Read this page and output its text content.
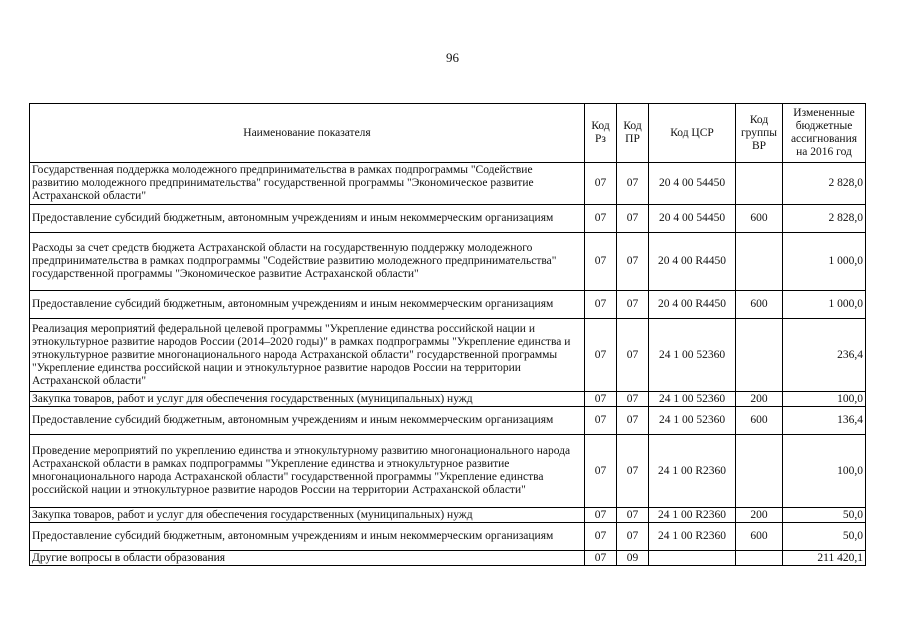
96
Наименование показателя	Код Рз	Код ПР	Код ЦСР	Код группы ВР	Измененные бюджетные ассигнования на 2016 год
Государственная поддержка молодежного предпринимательства в рамках подпрограммы "Содействие развитию молодежного предпринимательства" государственной программы "Экономическое развитие Астраханской области"	07	07	20 4 00 54450		2 828,0
Предоставление субсидий бюджетным, автономным учреждениям и иным некоммерческим организациям	07	07	20 4 00 54450	600	2 828,0
Расходы за счет средств бюджета Астраханской области на государственную поддержку молодежного предпринимательства в рамках подпрограммы "Содействие развитию молодежного предпринимательства" государственной программы "Экономическое развитие Астраханской области"	07	07	20 4 00 R4450		1 000,0
Предоставление субсидий бюджетным, автономным учреждениям и иным некоммерческим организациям	07	07	20 4 00 R4450	600	1 000,0
Реализация мероприятий федеральной целевой программы "Укрепление единства российской нации и этнокультурное развитие народов России (2014–2020 годы)" в рамках подпрограммы "Укрепление единства и этнокультурное развитие многонационального народа Астраханской области" государственной программы "Укрепление единства российской нации и этнокультурное развитие народов России на территории Астраханской области"	07	07	24 1 00 52360		236,4
Закупка товаров, работ и услуг для обеспечения государственных (муниципальных) нужд	07	07	24 1 00 52360	200	100,0
Предоставление субсидий бюджетным, автономным учреждениям и иным некоммерческим организациям	07	07	24 1 00 52360	600	136,4
Проведение мероприятий по укреплению единства и этнокультурному развитию многонационального народа Астраханской области в рамках подпрограммы "Укрепление единства и этнокультурное развитие многонационального народа Астраханской области" государственной программы "Укрепление единства российской нации и этнокультурное развитие народов России на территории Астраханской области"	07	07	24 1 00 R2360		100,0
Закупка товаров, работ и услуг для обеспечения государственных (муниципальных) нужд	07	07	24 1 00 R2360	200	50,0
Предоставление субсидий бюджетным, автономным учреждениям и иным некоммерческим организациям	07	07	24 1 00 R2360	600	50,0
Другие вопросы в области образования	07	09			211 420,1
